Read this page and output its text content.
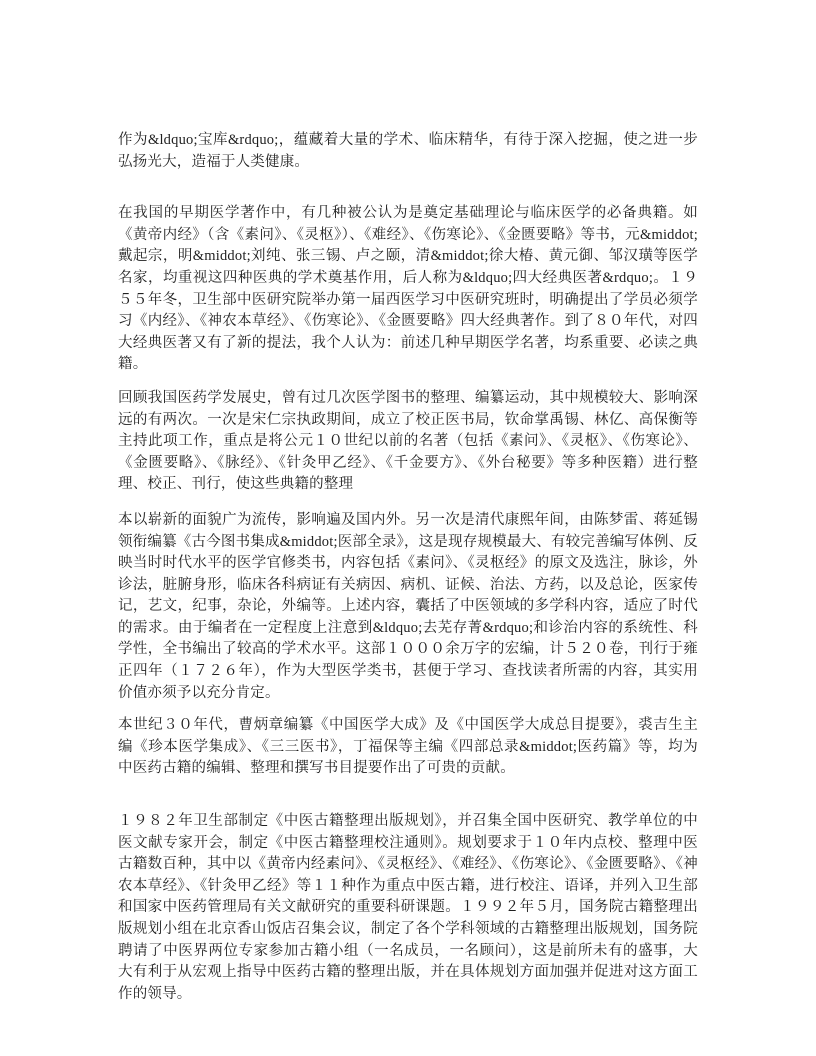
作为&ldquo;宝库&rdquo;，蕴藏着大量的学术、临床精华，有待于深入挖掘，使之进一步弘扬光大，造福于人类健康。

在我国的早期医学著作中，有几种被公认为是奠定基础理论与临床医学的必备典籍。如《黄帝内经》（含《素问》、《灵枢》）、《难经》、《伤寒论》、《金匮要略》等书，元&middot;戴起宗，明&middot;刘纯、张三锡、卢之颐，清&middot;徐大椿、黄元御、邹汉璜等医学名家，均重视这四种医典的学术奠基作用，后人称为&ldquo;四大经典医著&rdquo;。１９５５年冬，卫生部中医研究院举办第一届西医学习中医研究班时，明确提出了学员必须学习《内经》、《神农本草经》、《伤寒论》、《金匮要略》四大经典著作。到了８０年代，对四大经典医著又有了新的提法，我个人认为：前述几种早期医学名著，均系重要、必读之典籍。

回顾我国医药学发展史，曾有过几次医学图书的整理、编纂运动，其中规模较大、影响深远的有两次。一次是宋仁宗执政期间，成立了校正医书局，钦命掌禹锡、林亿、高保衡等主持此项工作，重点是将公元１０世纪以前的名著（包括《素问》、《灵枢》、《伤寒论》、《金匮要略》、《脉经》、《针灸甲乙经》、《千金要方》、《外台秘要》等多种医籍）进行整理、校正、刊行，使这些典籍的整理

本以崭新的面貌广为流传，影响遍及国内外。另一次是清代康熙年间，由陈梦雷、蒋延锡领衔编纂《古今图书集成&middot;医部全录》，这是现存规模最大、有较完善编写体例、反映当时时代水平的医学官修类书，内容包括《素问》、《灵枢经》的原文及选注，脉诊，外诊法，脏腑身形，临床各科病证有关病因、病机、证候、治法、方药，以及总论，医家传记，艺文，纪事，杂论，外编等。上述内容，囊括了中医领域的多学科内容，适应了时代的需求。由于编者在一定程度上注意到&ldquo;去芜存菁&rdquo;和诊治内容的系统性、科学性，全书编出了较高的学术水平。这部１０００余万字的宏编，计５２０卷，刊行于雍正四年（１７２６年），作为大型医学类书，甚便于学习、查找读者所需的内容，其实用价值亦须予以充分肯定。

本世纪３０年代，曹炳章编纂《中国医学大成》及《中国医学大成总目提要》，裘吉生主编《珍本医学集成》、《三三医书》，丁福保等主编《四部总录&middot;医药篇》等，均为中医药古籍的编辑、整理和撰写书目提要作出了可贵的贡献。

１９８２年卫生部制定《中医古籍整理出版规划》，并召集全国中医研究、教学单位的中医文献专家开会，制定《中医古籍整理校注通则》。规划要求于１０年内点校、整理中医古籍数百种，其中以《黄帝内经素问》、《灵枢经》、《难经》、《伤寒论》、《金匮要略》、《神农本草经》、《针灸甲乙经》等１１种作为重点中医古籍，进行校注、语译，并列入卫生部和国家中医药管理局有关文献研究的重要科研课题。１９９２年５月，国务院古籍整理出版规划小组在北京香山饭店召集会议，制定了各个学科领域的古籍整理出版规划，国务院聘请了中医界两位专家参加古籍小组（一名成员，一名顾问），这是前所未有的盛事，大大有利于从宏观上指导中医药古籍的整理出版，并在具体规划方面加强并促进对这方面工作的领导。
